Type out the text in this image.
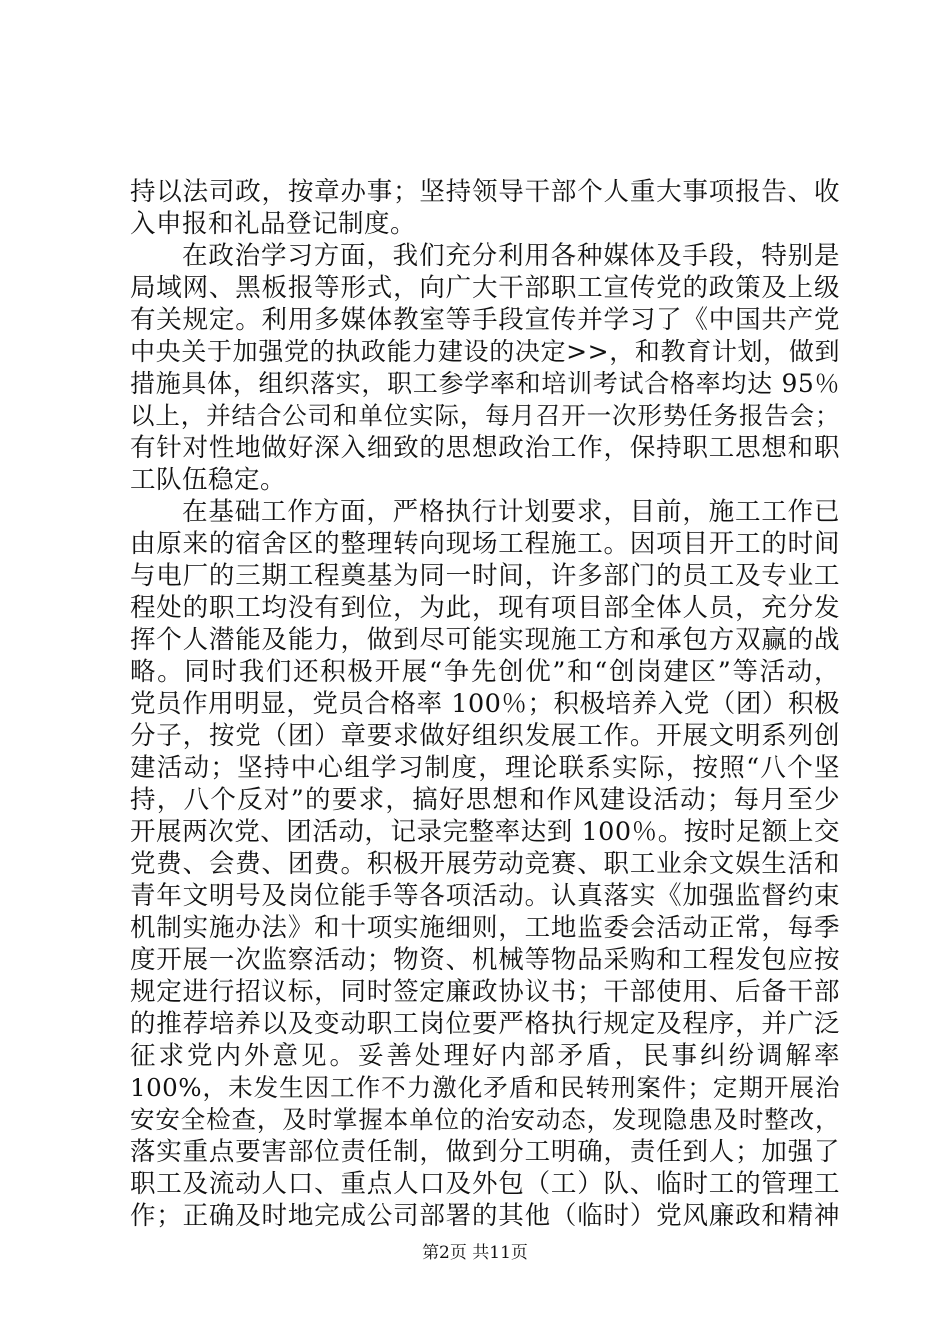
持以法司政，按章办事；坚持领导干部个人重大事项报告、收
入申报和礼品登记制度。
在政治学习方面，我们充分利用各种媒体及手段，特别是
局域网、黑板报等形式，向广大干部职工宣传党的政策及上级
有关规定。利用多媒体教室等手段宣传并学习了《中国共产党
中央关于加强党的执政能力建设的决定>>，和教育计划，做到
措施具体，组织落实，职工参学率和培训考试合格率均达 95％
以上，并结合公司和单位实际，每月召开一次形势任务报告会；
有针对性地做好深入细致的思想政治工作，保持职工思想和职
工队伍稳定。
在基础工作方面，严格执行计划要求，目前，施工工作已
由原来的宿舍区的整理转向现场工程施工。因项目开工的时间
与电厂的三期工程奠基为同一时间，许多部门的员工及专业工
程处的职工均没有到位，为此，现有项目部全体人员，充分发
挥个人潜能及能力，做到尽可能实现施工方和承包方双赢的战
略。同时我们还积极开展“争先创优”和“创岗建区”等活动，
党员作用明显，党员合格率 100％；积极培养入党（团）积极
分子，按党（团）章要求做好组织发展工作。开展文明系列创
建活动；坚持中心组学习制度，理论联系实际，按照“八个坚
持，八个反对”的要求，搞好思想和作风建设活动；每月至少
开展两次党、团活动，记录完整率达到 100％。按时足额上交
党费、会费、团费。积极开展劳动竞赛、职工业余文娱生活和
青年文明号及岗位能手等各项活动。认真落实《加强监督约束
机制实施办法》和十项实施细则，工地监委会活动正常，每季
度开展一次监察活动；物资、机械等物品采购和工程发包应按
规定进行招议标，同时签定廉政协议书；干部使用、后备干部
的推荐培养以及变动职工岗位要严格执行规定及程序，并广泛
征求党内外意见。妥善处理好内部矛盾，民事纠纷调解率
100%，未发生因工作不力激化矛盾和民转刑案件；定期开展治
安安全检查，及时掌握本单位的治安动态，发现隐患及时整改，
落实重点要害部位责任制，做到分工明确，责任到人；加强了
职工及流动人口、重点人口及外包（工）队、临时工的管理工
作；正确及时地完成公司部署的其他（临时）党风廉政和精神
第2页 共11页
